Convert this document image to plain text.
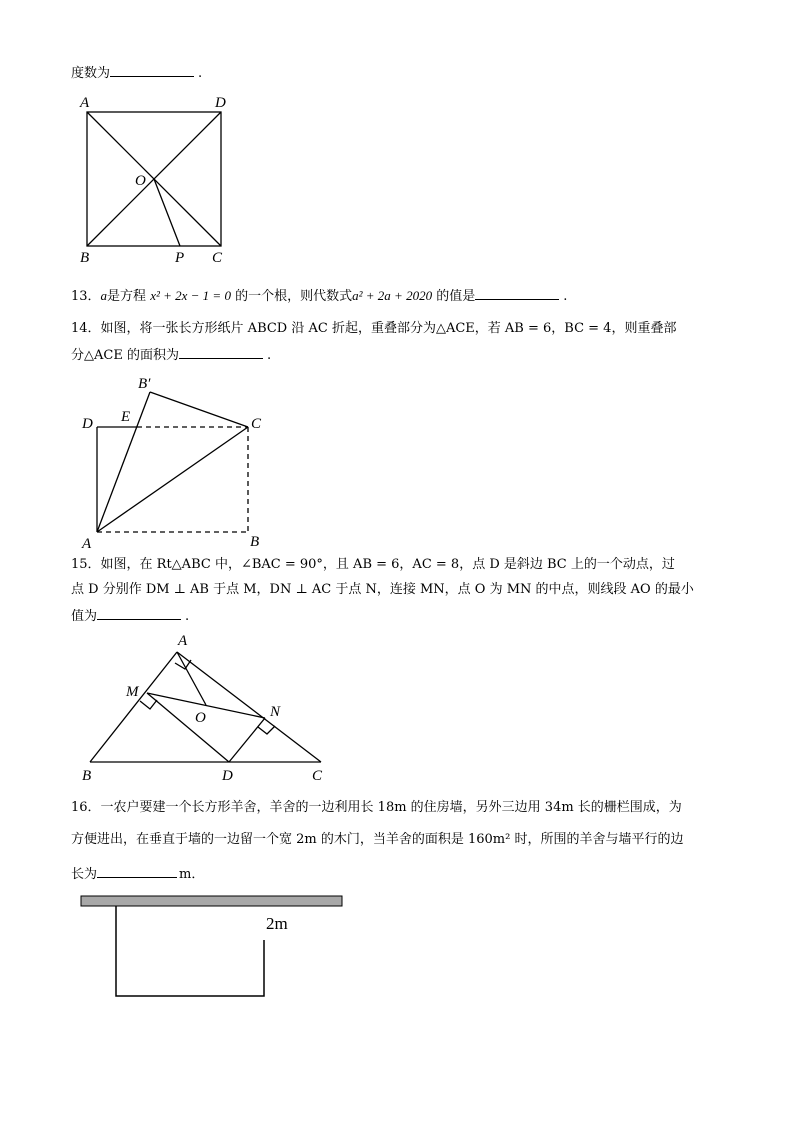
度数为	.
A	D
O
B	P C
B′
D E	C
A	B
A
M
O	N
B	D	C
2m
13．a是方程 x² + 2x − 1 = 0 的一个根，则代数式a² + 2a + 2020 的值是	.
14．如图，将一张长方形纸片 ABCD 沿 AC 折起，重叠部分为△ACE，若 AB = 6，BC = 4，则重叠部
分△ACE 的面积为	.
15．如图，在 Rt△ABC 中，∠BAC = 90°，且 AB = 6，AC = 8，点 D 是斜边 BC 上的一个动点，过
点 D 分别作 DM ⊥ AB 于点 M，DN ⊥ AC 于点 N，连接 MN，点 O 为 MN 的中点，则线段 AO 的最小
值为	.
16．一农户要建一个长方形羊舍，羊舍的一边利用长 18m 的住房墙，另外三边用 34m 长的栅栏围成，为
方便进出，在垂直于墙的一边留一个宽 2m 的木门，当羊舍的面积是 160m² 时，所围的羊舍与墙平行的边
长为	m．
